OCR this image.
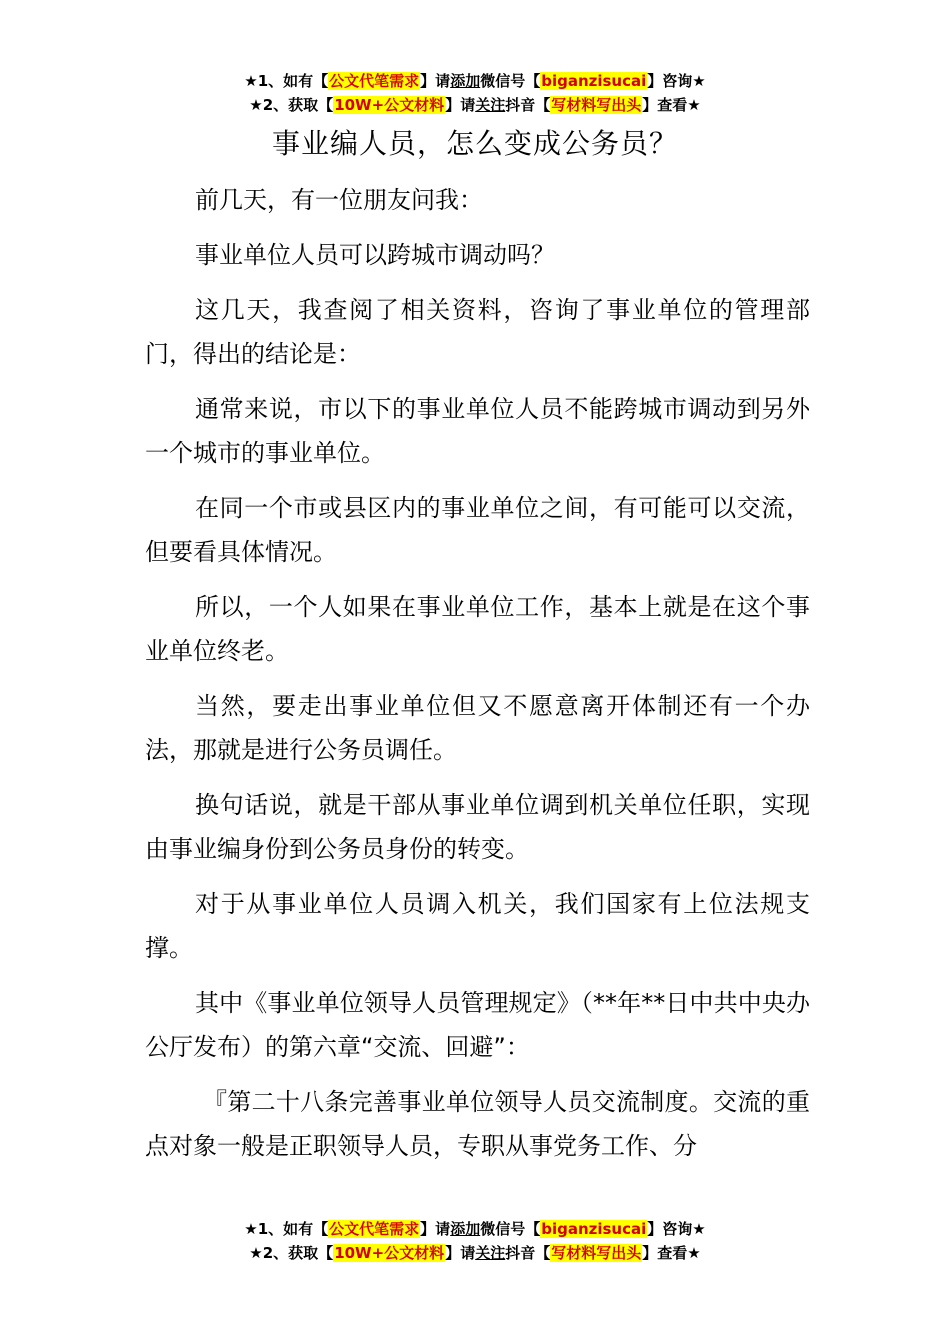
★1、如有【公文代笔需求】请添加微信号【biganzisucai】咨询★
★2、获取【10W+公文材料】请关注抖音【写材料写出头】查看★
事业编人员，怎么变成公务员？

前几天，有一位朋友问我：

事业单位人员可以跨城市调动吗？

这几天，我查阅了相关资料，咨询了事业单位的管理部门，得出的结论是：

通常来说，市以下的事业单位人员不能跨城市调动到另外一个城市的事业单位。

在同一个市或县区内的事业单位之间，有可能可以交流，但要看具体情况。

所以，一个人如果在事业单位工作，基本上就是在这个事业单位终老。

当然，要走出事业单位但又不愿意离开体制还有一个办法，那就是进行公务员调任。

换句话说，就是干部从事业单位调到机关单位任职，实现由事业编身份到公务员身份的转变。

对于从事业单位人员调入机关，我们国家有上位法规支撑。

其中《事业单位领导人员管理规定》（**年**日中共中央办公厅发布）的第六章“交流、回避”：

『第二十八条完善事业单位领导人员交流制度。交流的重点对象一般是正职领导人员，专职从事党务工作、分

★1、如有【公文代笔需求】请添加微信号【biganzisucai】咨询★
★2、获取【10W+公文材料】请关注抖音【写材料写出头】查看★
